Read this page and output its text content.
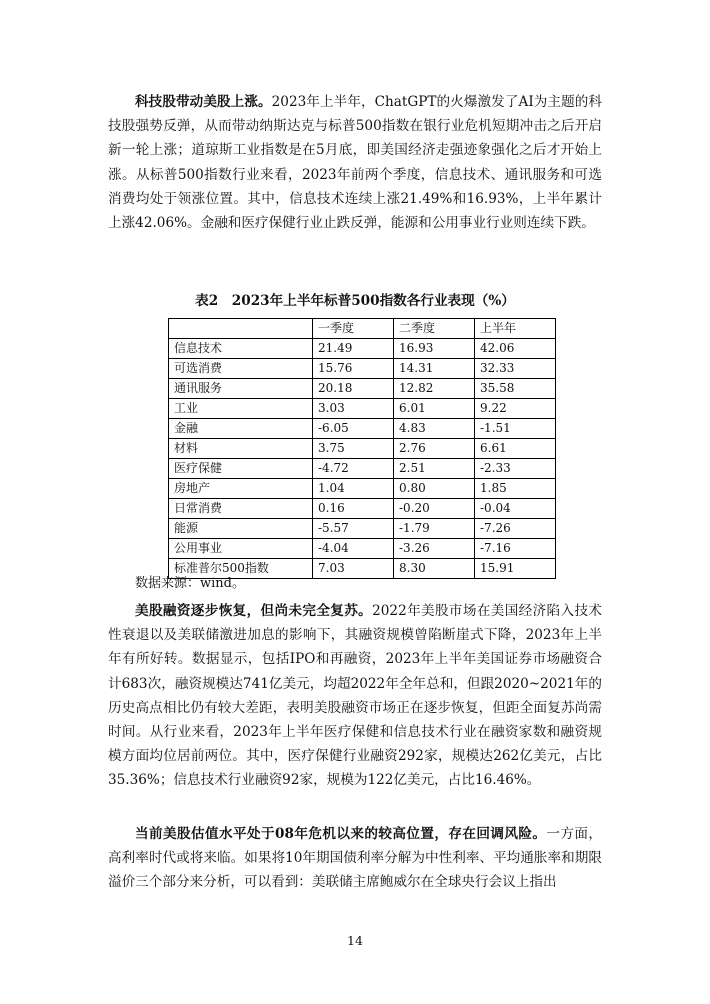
科技股带动美股上涨。2023年上半年，ChatGPT的火爆激发了AI为主题的科技股强势反弹，从而带动纳斯达克与标普500指数在银行业危机短期冲击之后开启新一轮上涨；道琼斯工业指数是在5月底，即美国经济走强迹象强化之后才开始上涨。从标普500指数行业来看，2023年前两个季度，信息技术、通讯服务和可选消费均处于领涨位置。其中，信息技术连续上涨21.49%和16.93%，上半年累计上涨42.06%。金融和医疗保健行业止跌反弹，能源和公用事业行业则连续下跌。

表2　2023年上半年标普500指数各行业表现（%）
	一季度	二季度	上半年
信息技术	21.49	16.93	42.06
可选消费	15.76	14.31	32.33
通讯服务	20.18	12.82	35.58
工业	3.03	6.01	9.22
金融	-6.05	4.83	-1.51
材料	3.75	2.76	6.61
医疗保健	-4.72	2.51	-2.33
房地产	1.04	0.80	1.85
日常消费	0.16	-0.20	-0.04
能源	-5.57	-1.79	-7.26
公用事业	-4.04	-3.26	-7.16
标准普尔500指数	7.03	8.30	15.91
数据来源：wind。

美股融资逐步恢复，但尚未完全复苏。2022年美股市场在美国经济陷入技术性衰退以及美联储激进加息的影响下，其融资规模曾陷断崖式下降，2023年上半年有所好转。数据显示，包括IPO和再融资，2023年上半年美国证券市场融资合计683次，融资规模达741亿美元，均超2022年全年总和，但跟2020~2021年的历史高点相比仍有较大差距，表明美股融资市场正在逐步恢复，但距全面复苏尚需时间。从行业来看，2023年上半年医疗保健和信息技术行业在融资家数和融资规模方面均位居前两位。其中，医疗保健行业融资292家，规模达262亿美元，占比35.36%；信息技术行业融资92家，规模为122亿美元，占比16.46%。

当前美股估值水平处于08年危机以来的较高位置，存在回调风险。一方面，高利率时代或将来临。如果将10年期国债利率分解为中性利率、平均通胀率和期限溢价三个部分来分析，可以看到：美联储主席鲍威尔在全球央行会议上指出

14
